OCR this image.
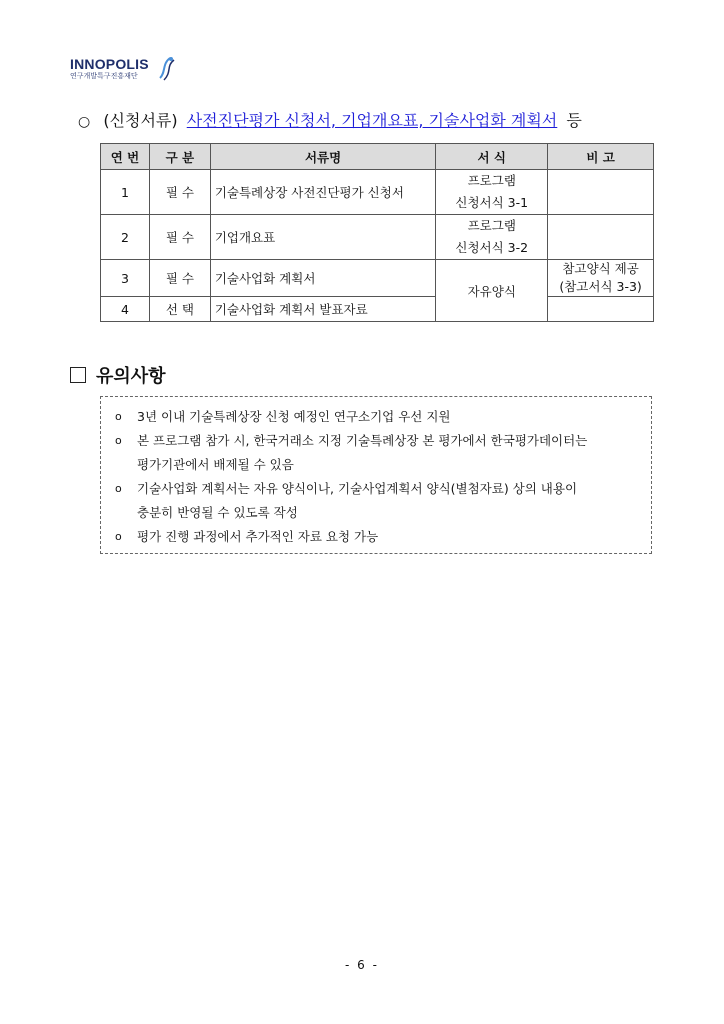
INNOPOLIS
연구개발특구진흥재단
○ (신청서류) 사전진단평가 신청서, 기업개요표, 기술사업화 계획서 등
연 번	구 분	서류명	서 식	비 고
1	필 수	기술특례상장 사전진단평가 신청서	프로그램
신청서식 3-1	

2	필 수	기업개요표	프로그램
신청서식 3-2	

3	필 수	기술사업화 계획서	자유양식	참고양식 제공
(참고서식 3-3)

4	선 택	기술사업화 계획서 발표자료		
유의사항
o 3년 이내 기술특례상장 신청 예정인 연구소기업 우선 지원
o 본 프로그램 참가 시, 한국거래소 지정 기술특례상장 본 평가에서 한국평가데이터는
평가기관에서 배제될 수 있음
o 기술사업화 계획서는 자유 양식이나, 기술사업계획서 양식(별첨자료) 상의 내용이
충분히 반영될 수 있도록 작성
o 평가 진행 과정에서 추가적인 자료 요청 가능
- 6 -
